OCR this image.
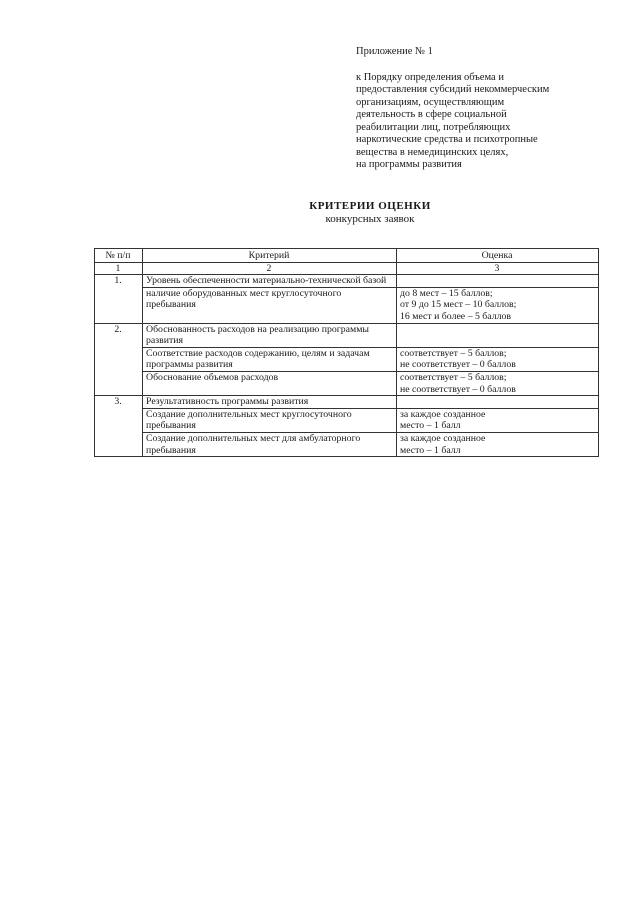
Приложение № 1
к Порядку определения объема и
предоставления субсидий некоммерческим
организациям, осуществляющим
деятельность в сфере социальной
реабилитации лиц, потребляющих
наркотические средства и психотропные
вещества в немедицинских целях,
на программы развития
КРИТЕРИИ ОЦЕНКИ
конкурсных заявок
№ п/п	Критерий	Оценка
1	2	3
1.	Уровень обеспеченности материально-технической базой	
	наличие оборудованных мест круглосуточного пребывания	до 8 мест – 15 баллов;
от 9 до 15 мест – 10 баллов;
16 мест и более – 5 баллов

2.	Обоснованность расходов на реализацию программы развития	
	Соответствие расходов содержанию, целям и задачам программы развития	соответствует – 5 баллов;
не соответствует – 0 баллов

	Обоснование объемов расходов	соответствует – 5 баллов;
не соответствует – 0 баллов

3.	Результативность программы развития	
	Создание дополнительных мест круглосуточного пребывания	за каждое созданное
место – 1 балл

	Создание дополнительных мест для амбулаторного пребывания	за каждое созданное
место – 1 балл
